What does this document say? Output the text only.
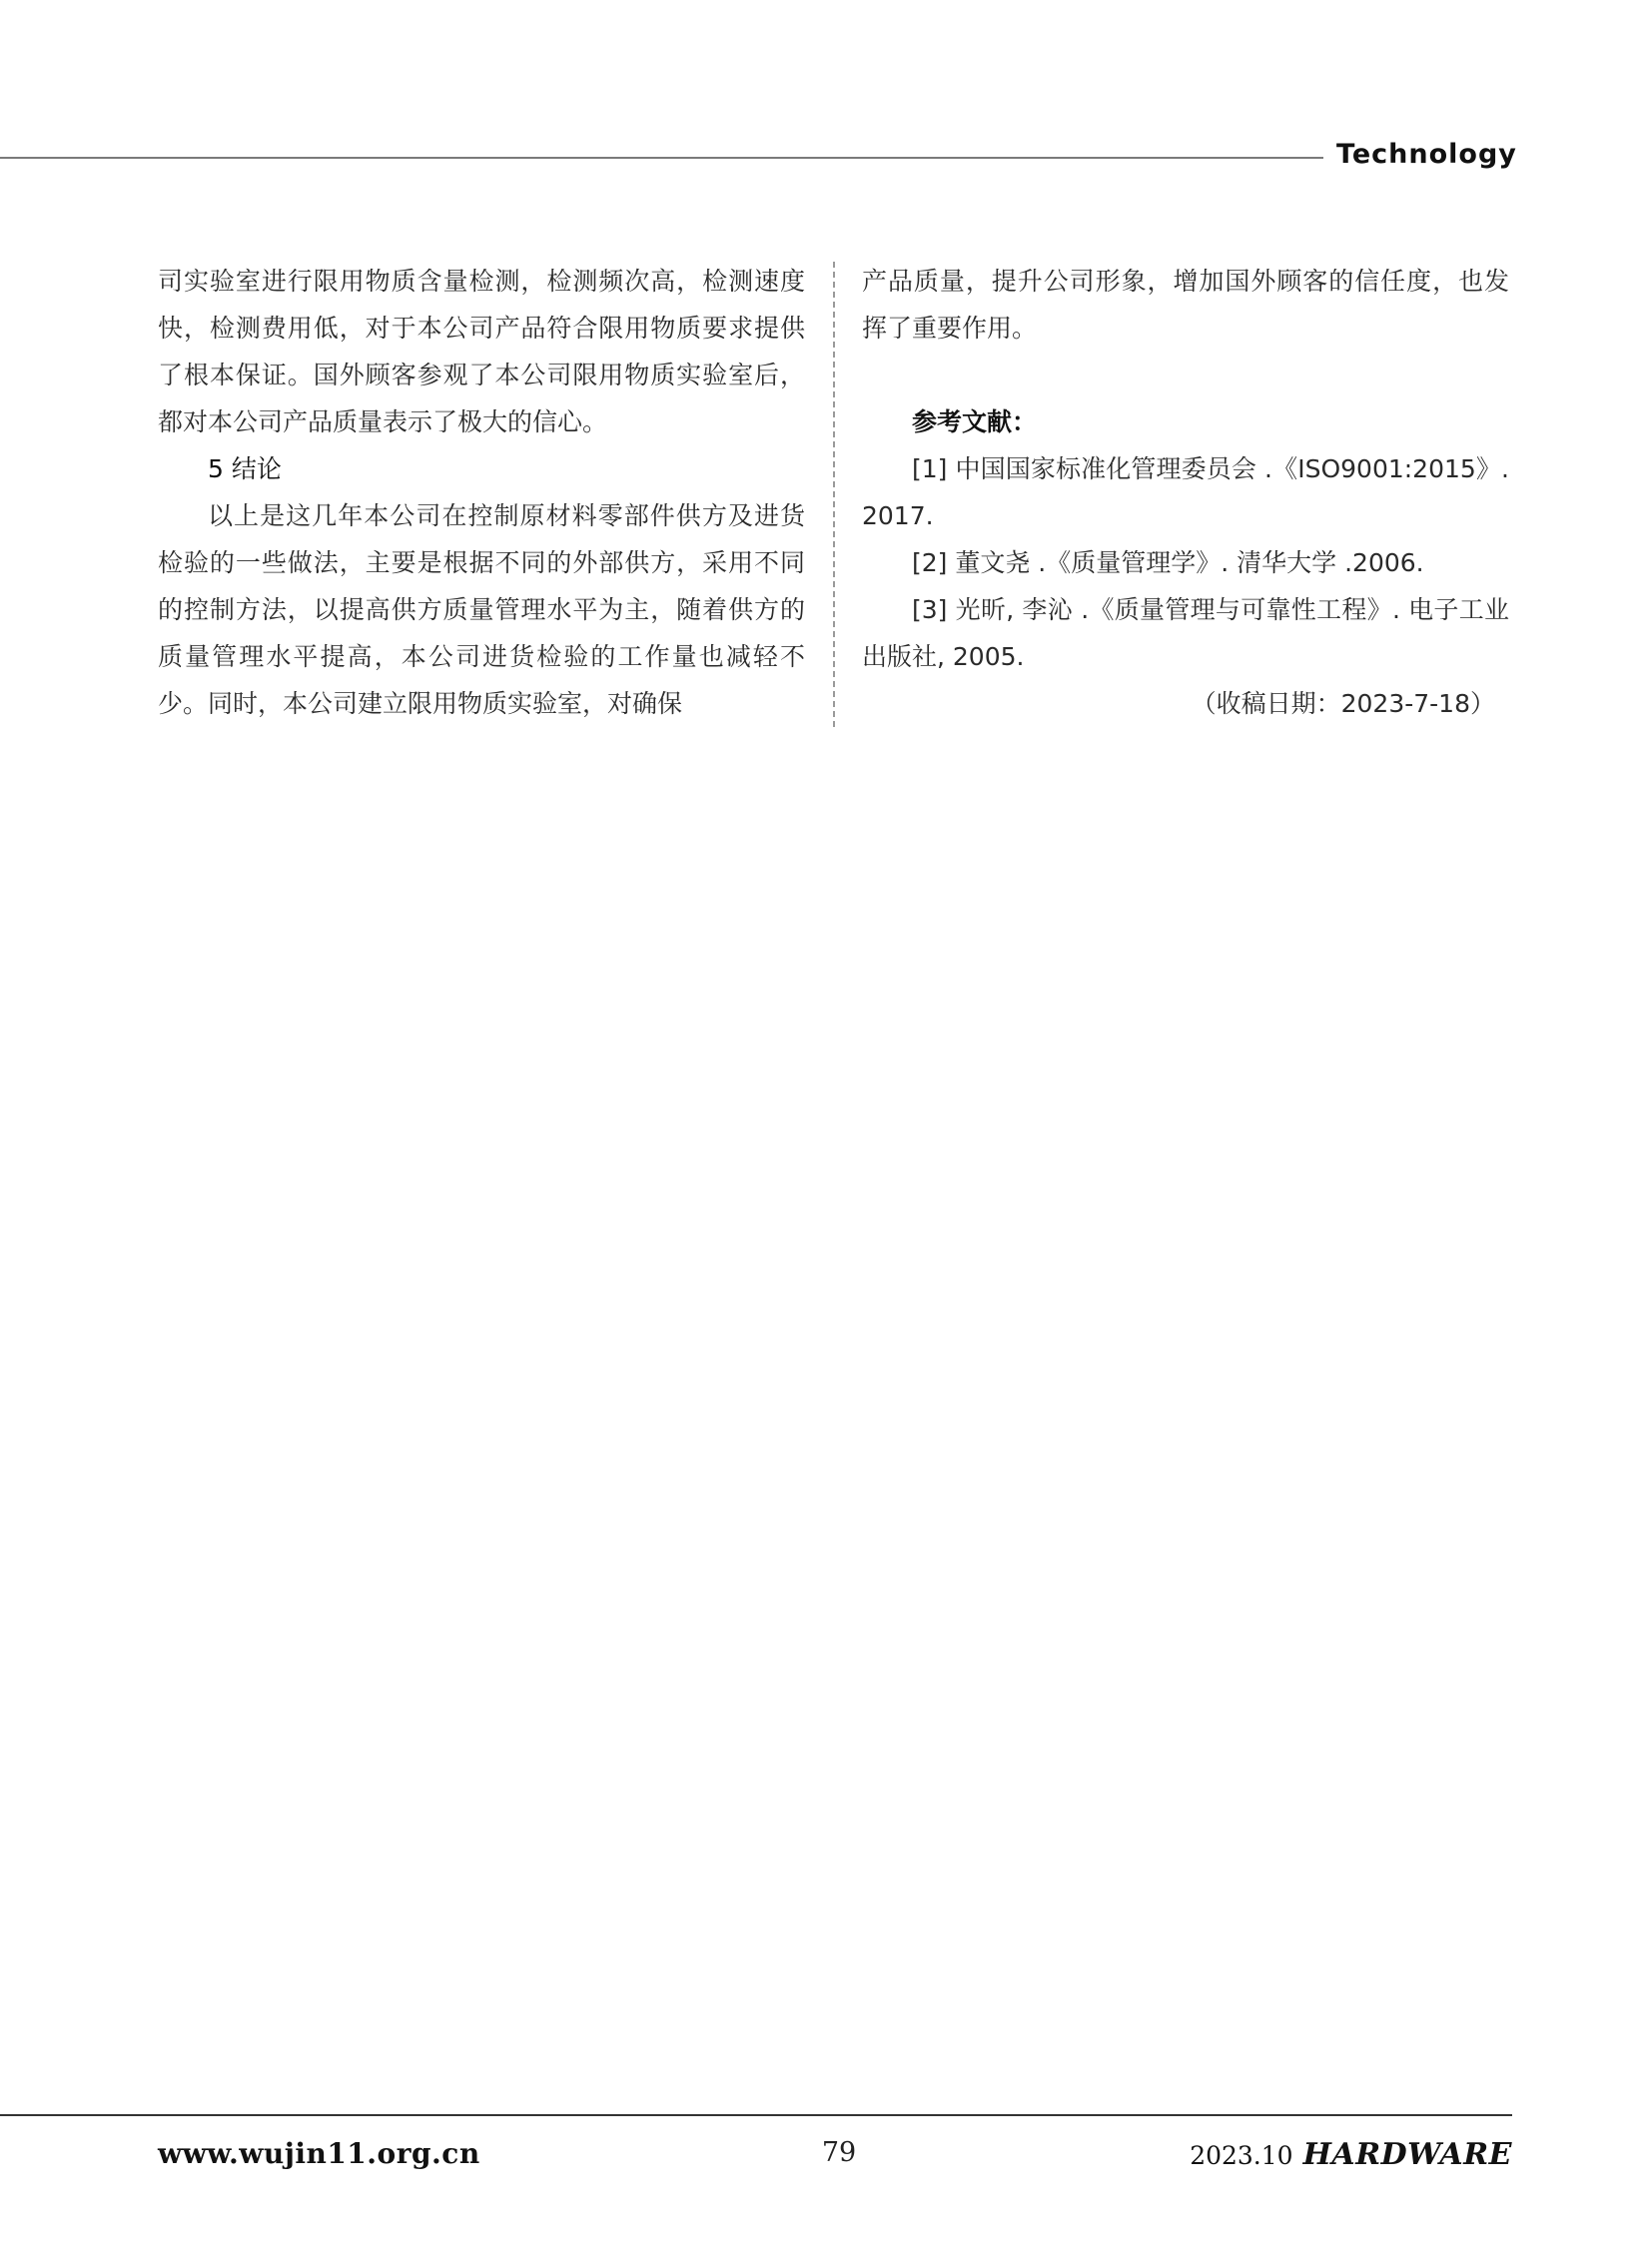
Technology

司实验室进行限用物质含量检测，检测频次高，检测速度快，检测费用低，对于本公司产品符合限用物质要求提供了根本保证。国外顾客参观了本公司限用物质实验室后，都对本公司产品质量表示了极大的信心。

5 结论

以上是这几年本公司在控制原材料零部件供方及进货检验的一些做法，主要是根据不同的外部供方，采用不同的控制方法，以提高供方质量管理水平为主，随着供方的质量管理水平提高，本公司进货检验的工作量也减轻不少。同时，本公司建立限用物质实验室，对确保

产品质量，提升公司形象，增加国外顾客的信任度，也发挥了重要作用。

参考文献：

[1] 中国国家标准化管理委员会 .《ISO9001:2015》. 2017.

[2] 董文尧 .《质量管理学》. 清华大学 .2006.

[3] 光昕, 李沁 .《质量管理与可靠性工程》. 电子工业出版社, 2005.

（收稿日期：2023-7-18）

www.wujin11.org.cn	79	2023.10 HARDWARE
